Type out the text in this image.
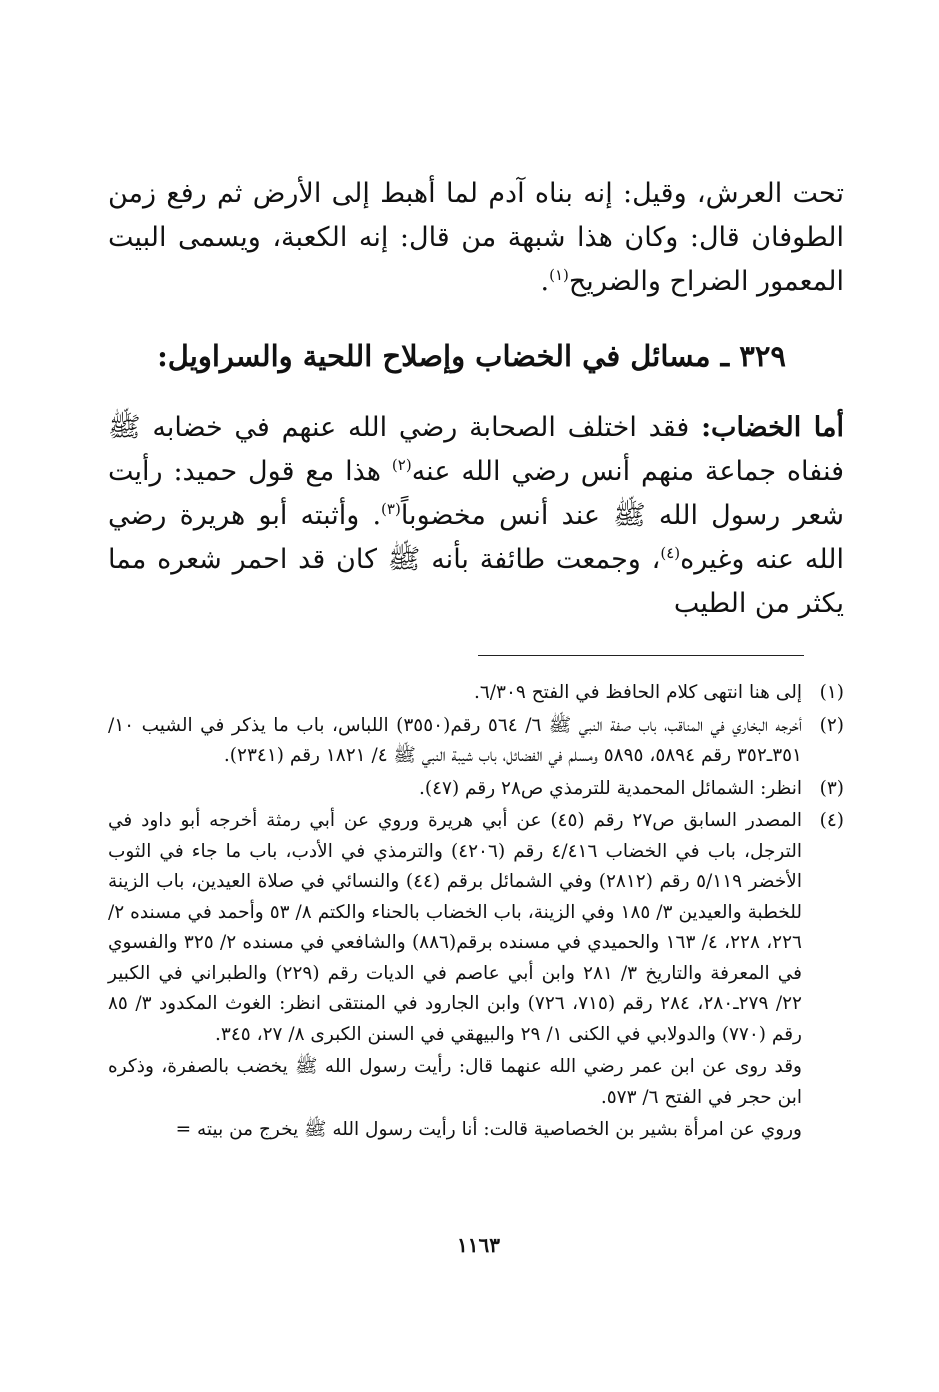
تحت العرش، وقيل: إنه بناه آدم لما أهبط إلى الأرض ثم رفع زمن الطوفان قال: وكان هذا شبهة من قال: إنه الكعبة، ويسمى البيت المعمور الضراح والضريح$^{(١)}$.

٣٢٩ ـ مسائل في الخضاب وإصلاح اللحية والسراويل:

أما الخضاب: فقد اختلف الصحابة رضي الله عنهم في خضابه ﷺ فنفاه جماعة منهم أنس رضي الله عنه$^{(٢)}$ هذا مع قول حميد: رأيت شعر رسول الله ﷺ عند أنس مخضوباً$^{(٣)}$. وأثبته أبو هريرة رضي الله عنه وغيره$^{(٤)}$، وجمعت طائفة بأنه ﷺ كان قد احمر شعره مما يكثر من الطيب

(١)
إلى هنا انتهى كلام الحافظ في الفتح ٦/٣٠٩.
(٢)
أخرجه البخاري في المناقب، باب صفة النبي ﷺ ٦/ ٥٦٤ رقم(٣٥٥٠) اللباس، باب ما يذكر في الشيب ١٠/ ٣٥١ـ٣٥٢ رقم ٥٨٩٤، ٥٨٩٥ ومسلم في الفضائل، باب شيبة النبي ﷺ ٤/ ١٨٢١ رقم (٢٣٤١).
(٣)
انظر: الشمائل المحمدية للترمذي ص٢٨ رقم (٤٧).
(٤)
المصدر السابق ص٢٧ رقم (٤٥) عن أبي هريرة وروي عن أبي رمثة أخرجه أبو داود في الترجل، باب في الخضاب ٤/٤١٦ رقم (٤٢٠٦) والترمذي في الأدب، باب ما جاء في الثوب الأخضر ٥/١١٩ رقم (٢٨١٢) وفي الشمائل برقم (٤٤) والنسائي في صلاة العيدين، باب الزينة للخطبة والعيدين ٣/ ١٨٥ وفي الزينة، باب الخضاب بالحناء والكتم ٨/ ٥٣ وأحمد في مسنده ٢/ ٢٢٦، ٢٢٨، ٤/ ١٦٣ والحميدي في مسنده برقم(٨٨٦) والشافعي في مسنده ٢/ ٣٢٥ والفسوي في المعرفة والتاريخ ٣/ ٢٨١ وابن أبي عاصم في الديات رقم (٢٢٩) والطبراني في الكبير ٢٢/ ٢٧٩ـ٢٨٠، ٢٨٤ رقم (٧١٥، ٧٢٦) وابن الجارود في المنتقى انظر: الغوث المكدود ٣/ ٨٥ رقم (٧٧٠) والدولابي في الكنى ١/ ٢٩ والبيهقي في السنن الكبرى ٨/ ٢٧، ٣٤٥.
وقد روى عن ابن عمر رضي الله عنهما قال: رأيت رسول الله ﷺ يخضب بالصفرة، وذكره ابن حجر في الفتح ٦/ ٥٧٣.
وروي عن امرأة بشير بن الخصاصية قالت: أنا رأيت رسول الله ﷺ يخرج من بيته =
١١٦٣
